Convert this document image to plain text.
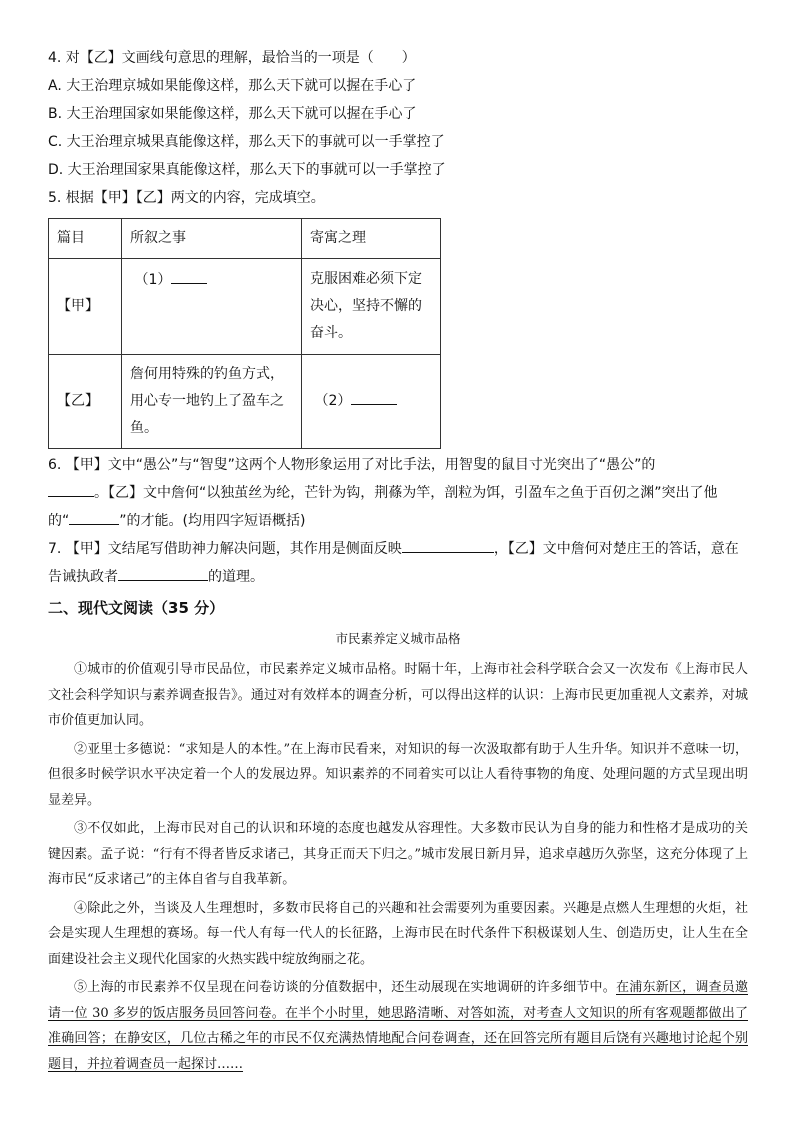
4. 对【乙】文画线句意思的理解，最恰当的一项是（　　）

A. 大王治理京城如果能像这样，那么天下就可以握在手心了

B. 大王治理国家如果能像这样，那么天下就可以握在手心了

C. 大王治理京城果真能像这样，那么天下的事就可以一手掌控了

D. 大王治理国家果真能像这样，那么天下的事就可以一手掌控了

5. 根据【甲】【乙】两文的内容，完成填空。

篇目	所叙之事	寄寓之理
【甲】	（1）	克服困难必须下定决心，坚持不懈的奋斗。
【乙】	詹何用特殊的钓鱼方式，用心专一地钓上了盈车之鱼。	（2）

6. 【甲】文中“愚公”与“智叟”这两个人物形象运用了对比手法，用智叟的鼠目寸光突出了“愚公”的

。【乙】文中詹何“以独茧丝为纶，芒针为钩，荆蓧为竿，剖粒为饵，引盈车之鱼于百仞之渊”突出了他

的“	”的才能。(均用四字短语概括)

7. 【甲】文结尾写借助神力解决问题，其作用是侧面反映	，【乙】文中詹何对楚庄王的答话，意在

告诫执政者	的道理。

二、现代文阅读（35 分）
市民素养定义城市品格

①城市的价值观引导市民品位，市民素养定义城市品格。时隔十年，上海市社会科学联合会又一次发布《上海市民人文社会科学知识与素养调查报告》。通过对有效样本的调查分析，可以得出这样的认识：上海市民更加重视人文素养，对城市价值更加认同。

②亚里士多德说：“求知是人的本性。”在上海市民看来，对知识的每一次汲取都有助于人生升华。知识并不意味一切，但很多时候学识水平决定着一个人的发展边界。知识素养的不同着实可以让人看待事物的角度、处理问题的方式呈现出明显差异。

③不仅如此，上海市民对自己的认识和环境的态度也越发从容理性。大多数市民认为自身的能力和性格才是成功的关键因素。孟子说：“行有不得者皆反求诸己，其身正而天下归之。”城市发展日新月异，追求卓越历久弥坚，这充分体现了上海市民“反求诸己”的主体自省与自我革新。

④除此之外，当谈及人生理想时，多数市民将自己的兴趣和社会需要列为重要因素。兴趣是点燃人生理想的火炬，社会是实现人生理想的赛场。每一代人有每一代人的长征路，上海市民在时代条件下积极谋划人生、创造历史，让人生在全面建设社会主义现代化国家的火热实践中绽放绚丽之花。

⑤上海的市民素养不仅呈现在问卷访谈的分值数据中，还生动展现在实地调研的许多细节中。在浦东新区，调查员邀请一位 30 多岁的饭店服务员回答问卷。在半个小时里，她思路清晰、对答如流，对考查人文知识的所有客观题都做出了准确回答；在静安区，几位古稀之年的市民不仅充满热情地配合问卷调查，还在回答完所有题目后饶有兴趣地讨论起个别题目，并拉着调查员一起探讨……
